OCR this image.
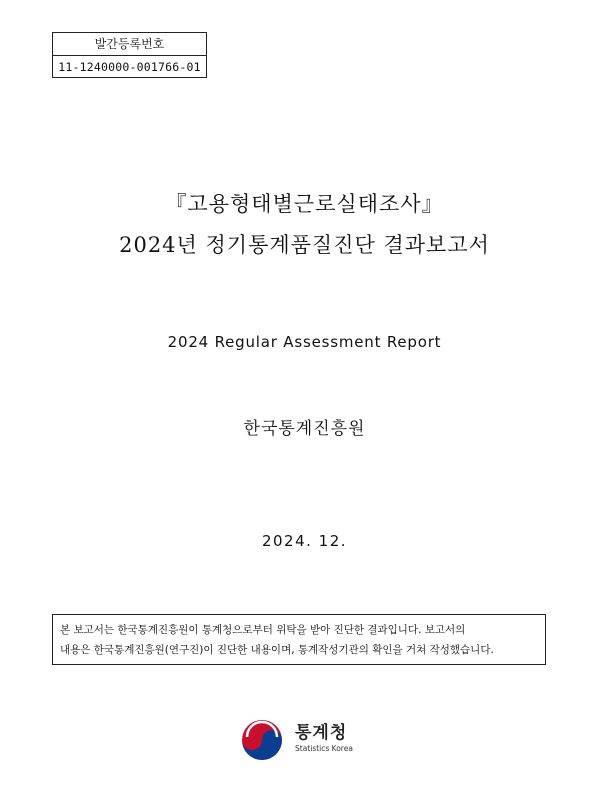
발간등록번호
11-1240000-001766-01
『고용형태별근로실태조사』
2024년 정기통계품질진단 결과보고서
2024 Regular Assessment Report
한국통계진흥원
2024. 12.
본 보고서는 한국통계진흥원이 통계청으로부터 위탁을 받아 진단한 결과입니다. 보고서의
내용은 한국통계진흥원(연구진)이 진단한 내용이며, 통계작성기관의 확인을 거쳐 작성했습니다.
통계청
Statistics Korea
